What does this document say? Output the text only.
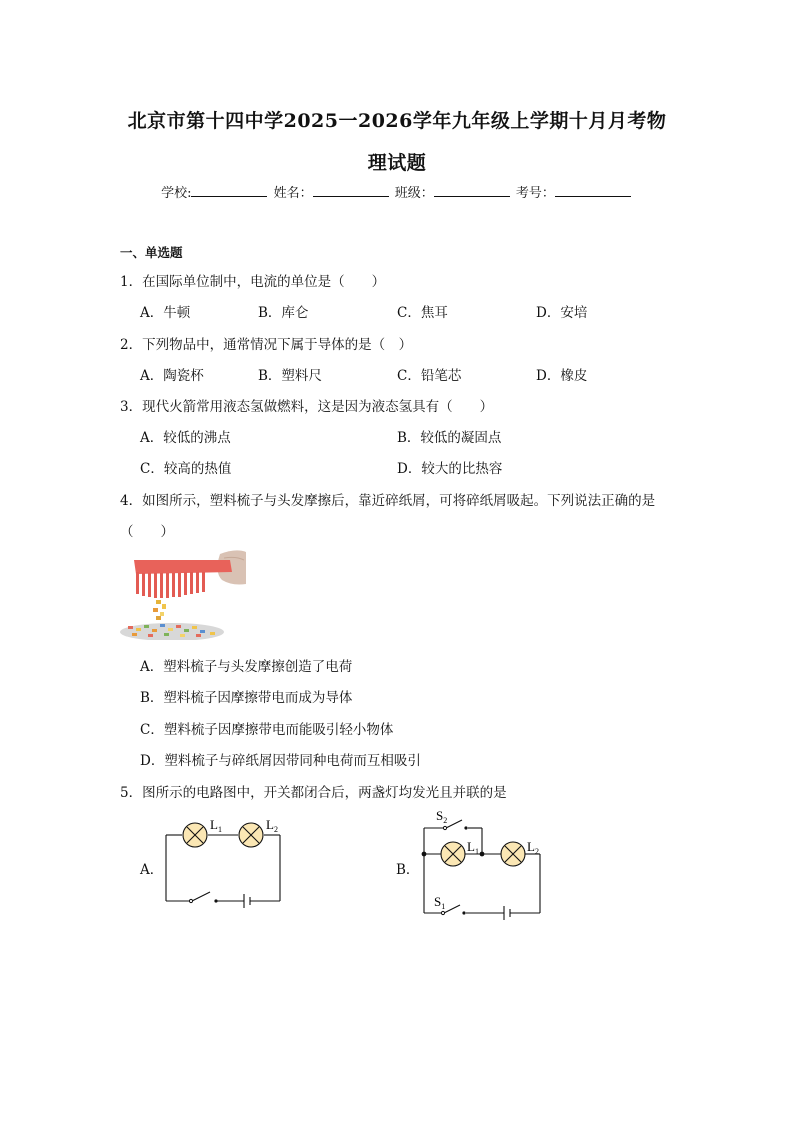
北京市第十四中学2025一2026学年九年级上学期十月月考物
理试题
学校:	姓名：	班级：	考号：
一、单选题
1．在国际单位制中，电流的单位是（　　）
A．牛顿	B．库仑	C．焦耳	D．安培
2．下列物品中，通常情况下属于导体的是（　）
A．陶瓷杯	B．塑料尺	C．铅笔芯	D．橡皮
3．现代火箭常用液态氢做燃料，这是因为液态氢具有（　　）
A．较低的沸点	B．较低的凝固点
C．较高的热值	D．较大的比热容
4．如图所示，塑料梳子与头发摩擦后，靠近碎纸屑，可将碎纸屑吸起。下列说法正确的是
（　　）
A．塑料梳子与头发摩擦创造了电荷
B．塑料梳子因摩擦带电而成为导体
C．塑料梳子因摩擦带电而能吸引轻小物体
D．塑料梳子与碎纸屑因带同种电荷而互相吸引
5．图所示的电路图中，开关都闭合后，两盏灯均发光且并联的是
A．	B．
$L_1$	$L_2$
$S_2$
$L_1$	$L_2$
$S_1$
